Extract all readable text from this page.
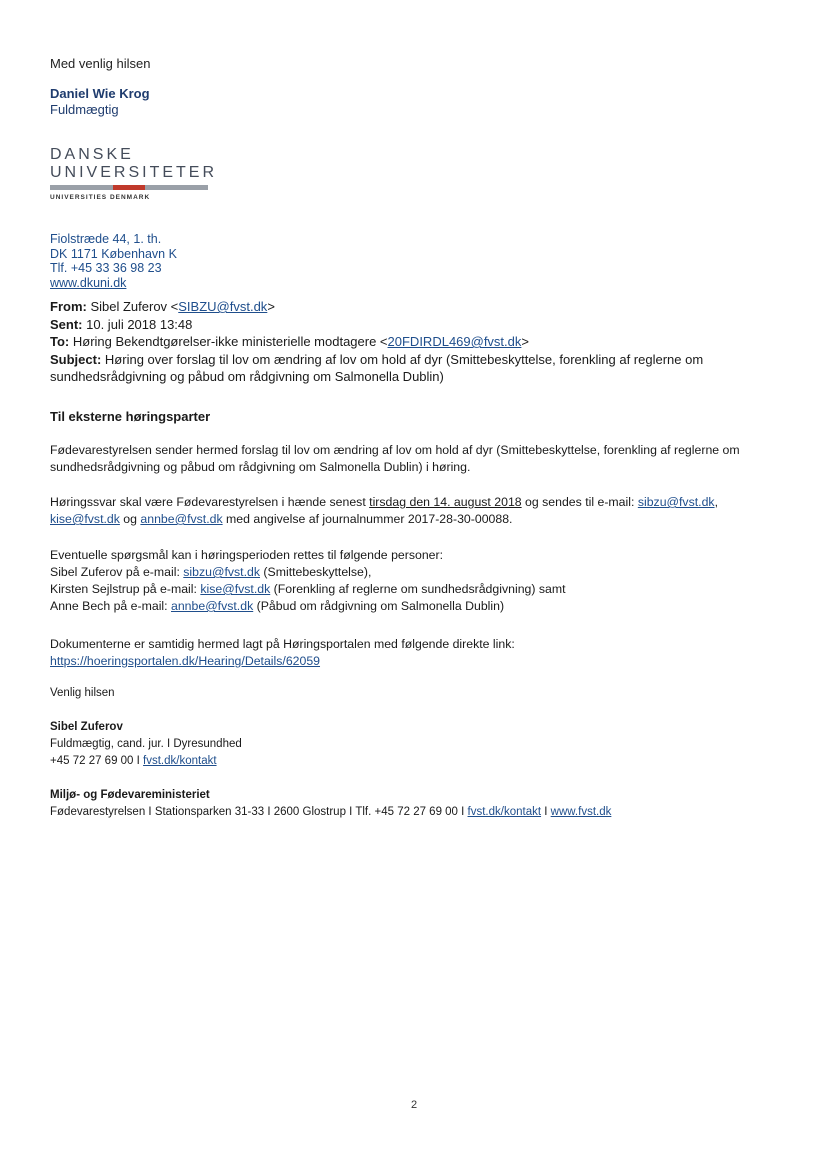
Med venlig hilsen
Daniel Wie Krog
Fuldmægtig
DANSKE
UNIVERSITETER
UNIVERSITIES DENMARK
Fiolstræde 44, 1. th.
DK 1171 København K
Tlf. +45 33 36 98 23
www.dkuni.dk
From: Sibel Zuferov <SIBZU@fvst.dk>
Sent: 10. juli 2018 13:48
To: Høring Bekendtgørelser-ikke ministerielle modtagere <20FDIRDL469@fvst.dk>
Subject: Høring over forslag til lov om ændring af lov om hold af dyr (Smittebeskyttelse, forenkling af reglerne om sundhedsrådgivning og påbud om rådgivning om Salmonella Dublin)
Til eksterne høringsparter
Fødevarestyrelsen sender hermed forslag til lov om ændring af lov om hold af dyr (Smittebeskyttelse, forenkling af reglerne om sundhedsrådgivning og påbud om rådgivning om Salmonella Dublin) i høring.
Høringssvar skal være Fødevarestyrelsen i hænde senest tirsdag den 14. august 2018 og sendes til e-mail: sibzu@fvst.dk, kise@fvst.dk og annbe@fvst.dk med angivelse af journalnummer 2017-28-30-00088.
Eventuelle spørgsmål kan i høringsperioden rettes til følgende personer:
Sibel Zuferov på e-mail: sibzu@fvst.dk (Smittebeskyttelse),
Kirsten Sejlstrup på e-mail: kise@fvst.dk (Forenkling af reglerne om sundhedsrådgivning) samt
Anne Bech på e-mail: annbe@fvst.dk (Påbud om rådgivning om Salmonella Dublin)
Dokumenterne er samtidig hermed lagt på Høringsportalen med følgende direkte link:
https://hoeringsportalen.dk/Hearing/Details/62059
Venlig hilsen
Sibel Zuferov
Fuldmægtig, cand. jur. I Dyresundhed
+45 72 27 69 00 I fvst.dk/kontakt
Miljø- og Fødevareministeriet
Fødevarestyrelsen I Stationsparken 31-33 I 2600 Glostrup I Tlf. +45 72 27 69 00 I fvst.dk/kontakt I www.fvst.dk
2
